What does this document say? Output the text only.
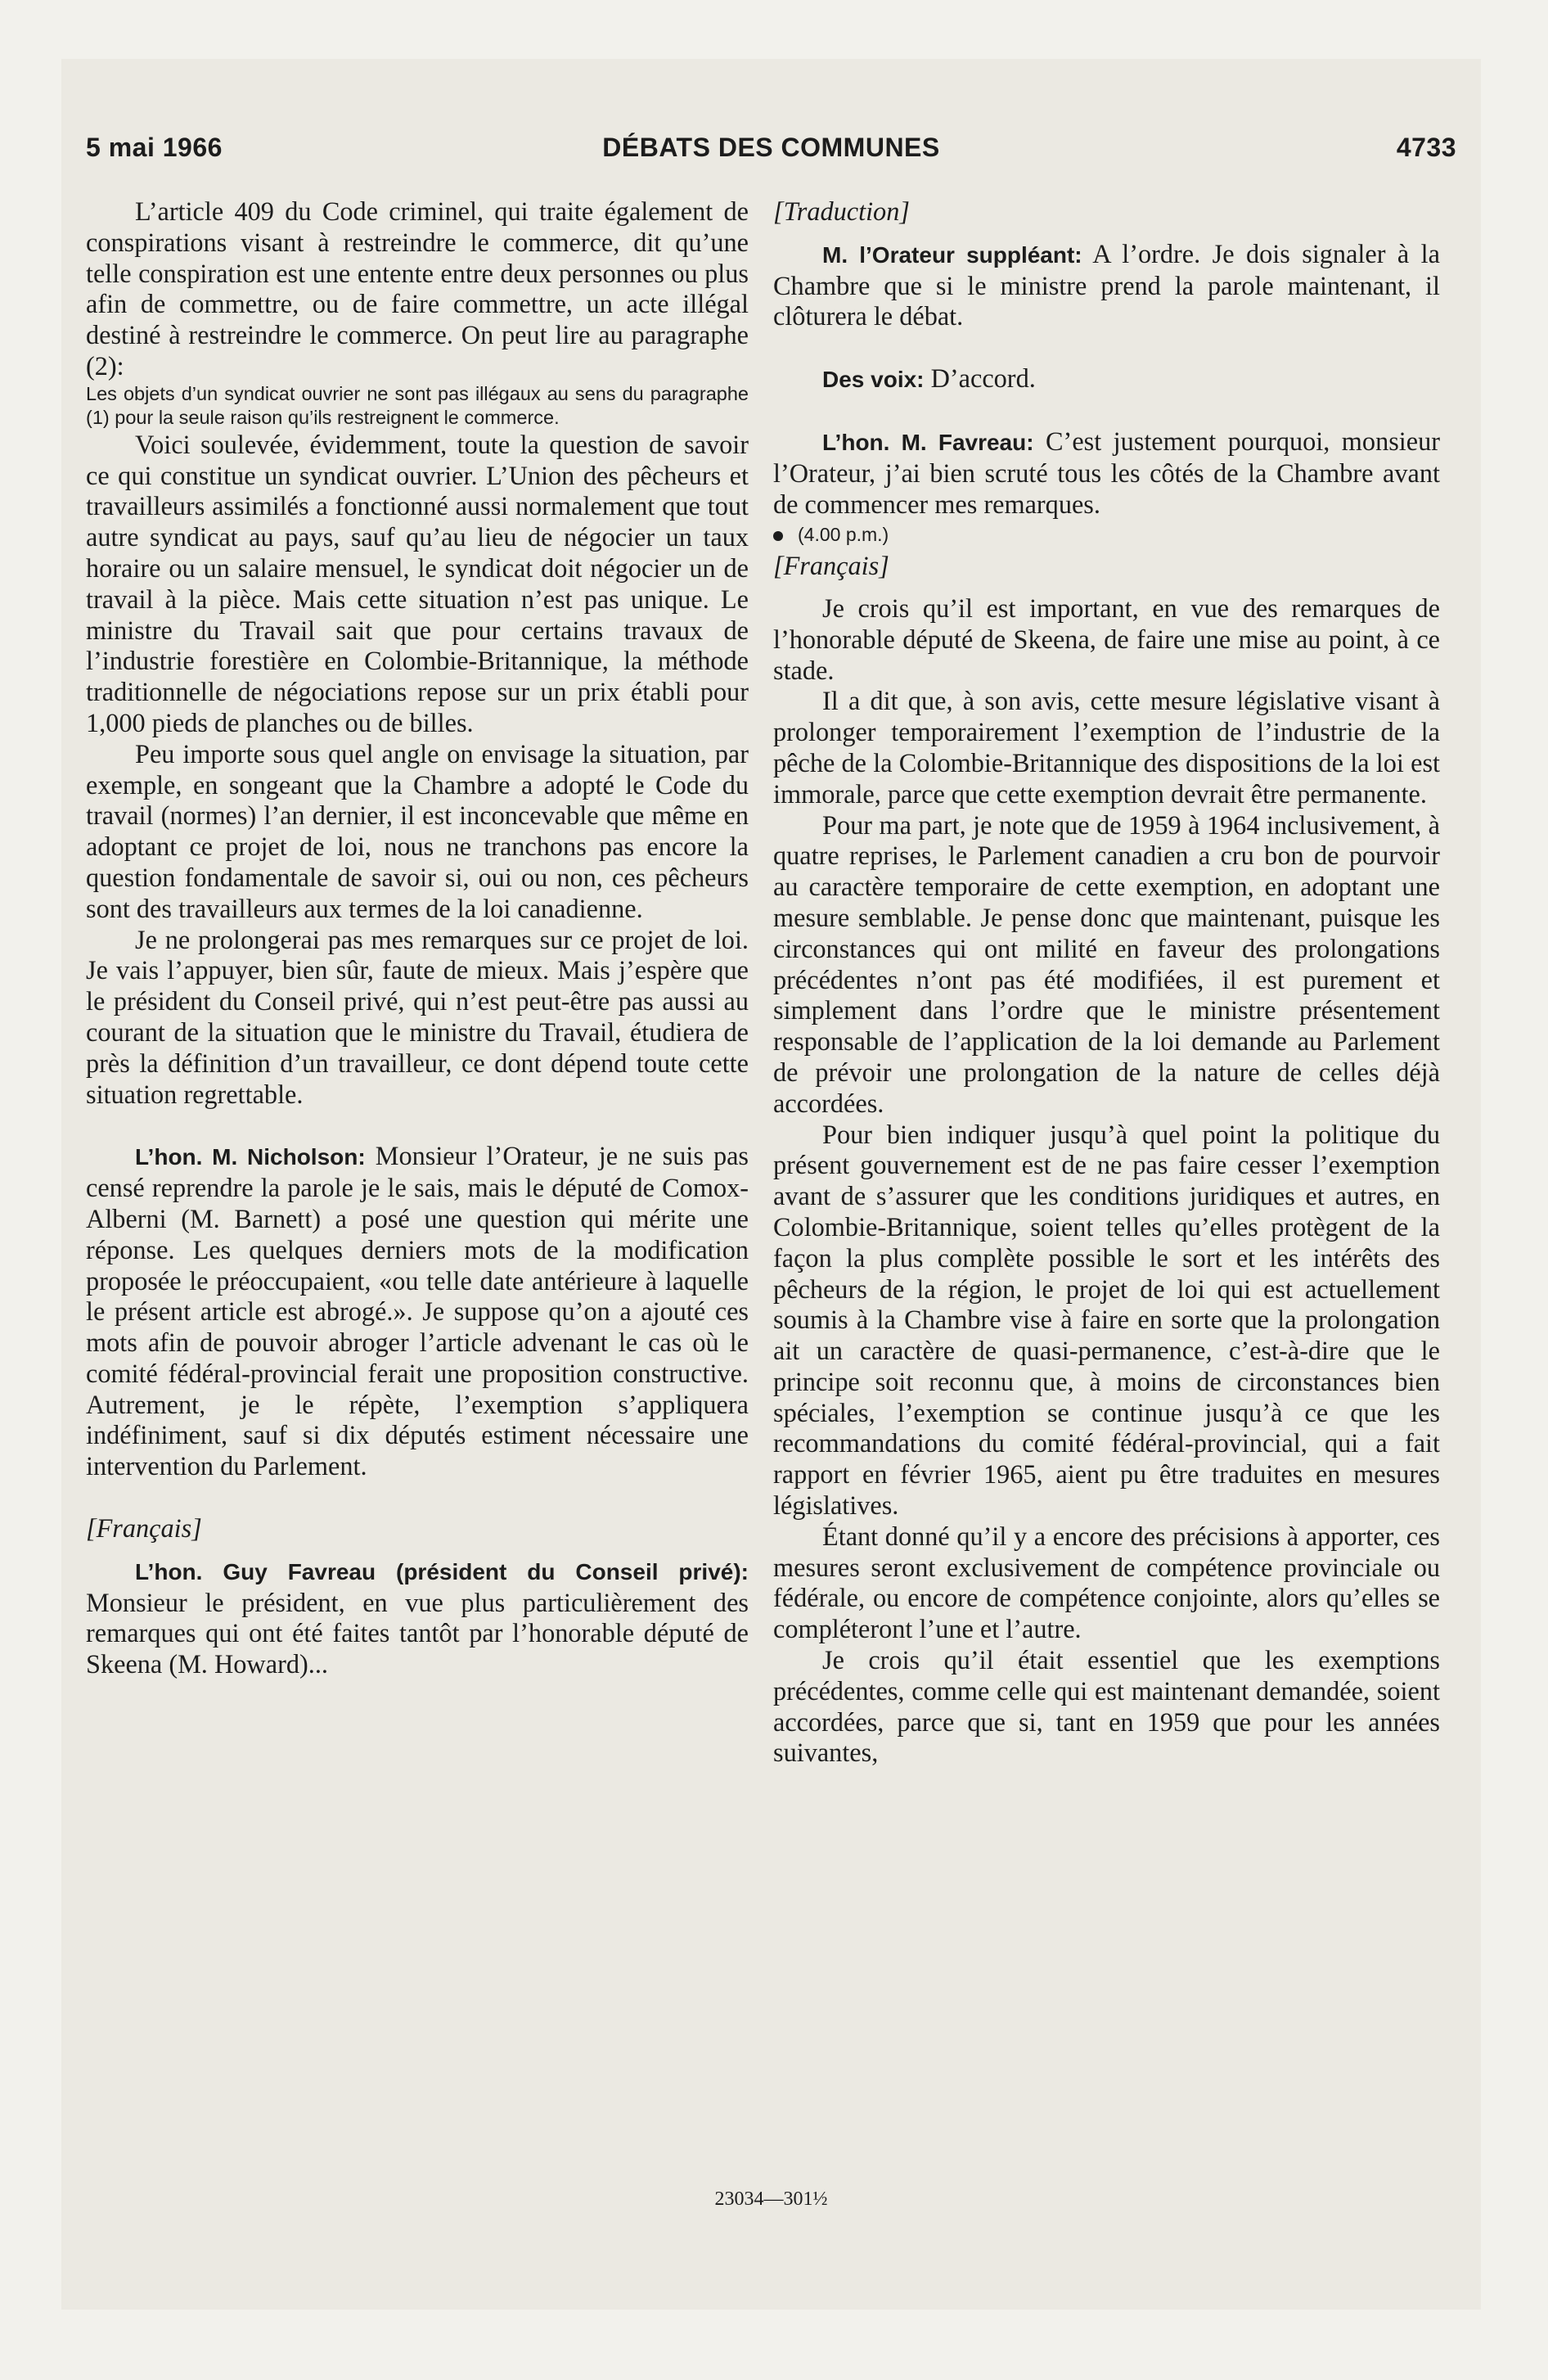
5 mai 1966	DÉBATS DES COMMUNES	4733

L’article 409 du Code criminel, qui traite également de conspirations visant à restreindre le commerce, dit qu’une telle conspiration est une entente entre deux personnes ou plus afin de commettre, ou de faire commettre, un acte illégal destiné à restreindre le commerce. On peut lire au paragraphe (2):

Les objets d’un syndicat ouvrier ne sont pas illégaux au sens du paragraphe (1) pour la seule raison qu’ils restreignent le commerce.

Voici soulevée, évidemment, toute la question de savoir ce qui constitue un syndicat ouvrier. L’Union des pêcheurs et travailleurs assimilés a fonctionné aussi normalement que tout autre syndicat au pays, sauf qu’au lieu de négocier un taux horaire ou un salaire mensuel, le syndicat doit négocier un de travail à la pièce. Mais cette situation n’est pas unique. Le ministre du Travail sait que pour certains travaux de l’industrie forestière en Colombie-Britannique, la méthode traditionnelle de négociations repose sur un prix établi pour 1,000 pieds de planches ou de billes.

Peu importe sous quel angle on envisage la situation, par exemple, en songeant que la Chambre a adopté le Code du travail (normes) l’an dernier, il est inconcevable que même en adoptant ce projet de loi, nous ne tranchons pas encore la question fondamentale de savoir si, oui ou non, ces pêcheurs sont des travailleurs aux termes de la loi canadienne.

Je ne prolongerai pas mes remarques sur ce projet de loi. Je vais l’appuyer, bien sûr, faute de mieux. Mais j’espère que le président du Conseil privé, qui n’est peut-être pas aussi au courant de la situation que le ministre du Travail, étudiera de près la définition d’un travailleur, ce dont dépend toute cette situation regrettable.

L’hon. M. Nicholson: Monsieur l’Orateur, je ne suis pas censé reprendre la parole je le sais, mais le député de Comox-Alberni (M. Barnett) a posé une question qui mérite une réponse. Les quelques derniers mots de la modification proposée le préoccupaient, «ou telle date antérieure à laquelle le présent article est abrogé.». Je suppose qu’on a ajouté ces mots afin de pouvoir abroger l’article advenant le cas où le comité fédéral-provincial ferait une proposition constructive. Autrement, je le répète, l’exemption s’appliquera indéfiniment, sauf si dix députés estiment nécessaire une intervention du Parlement.

[Français]

L’hon. Guy Favreau (président du Conseil privé): Monsieur le président, en vue plus particulièrement des remarques qui ont été faites tantôt par l’honorable député de Skeena (M. Howard)...

[Traduction]

M. l’Orateur suppléant: A l’ordre. Je dois signaler à la Chambre que si le ministre prend la parole maintenant, il clôturera le débat.

Des voix: D’accord.

L’hon. M. Favreau: C’est justement pourquoi, monsieur l’Orateur, j’ai bien scruté tous les côtés de la Chambre avant de commencer mes remarques.

(4.00 p.m.)

[Français]

Je crois qu’il est important, en vue des remarques de l’honorable député de Skeena, de faire une mise au point, à ce stade.

Il a dit que, à son avis, cette mesure législative visant à prolonger temporairement l’exemption de l’industrie de la pêche de la Colombie-Britannique des dispositions de la loi est immorale, parce que cette exemption devrait être permanente.

Pour ma part, je note que de 1959 à 1964 inclusivement, à quatre reprises, le Parlement canadien a cru bon de pourvoir au caractère temporaire de cette exemption, en adoptant une mesure semblable. Je pense donc que maintenant, puisque les circonstances qui ont milité en faveur des prolongations précédentes n’ont pas été modifiées, il est purement et simplement dans l’ordre que le ministre présentement responsable de l’application de la loi demande au Parlement de prévoir une prolongation de la nature de celles déjà accordées.

Pour bien indiquer jusqu’à quel point la politique du présent gouvernement est de ne pas faire cesser l’exemption avant de s’assurer que les conditions juridiques et autres, en Colombie-Britannique, soient telles qu’elles protègent de la façon la plus complète possible le sort et les intérêts des pêcheurs de la région, le projet de loi qui est actuellement soumis à la Chambre vise à faire en sorte que la prolongation ait un caractère de quasi-permanence, c’est-à-dire que le principe soit reconnu que, à moins de circonstances bien spéciales, l’exemption se continue jusqu’à ce que les recommandations du comité fédéral-provincial, qui a fait rapport en février 1965, aient pu être traduites en mesures législatives.

Étant donné qu’il y a encore des précisions à apporter, ces mesures seront exclusivement de compétence provinciale ou fédérale, ou encore de compétence conjointe, alors qu’elles se compléteront l’une et l’autre.

Je crois qu’il était essentiel que les exemptions précédentes, comme celle qui est maintenant demandée, soient accordées, parce que si, tant en 1959 que pour les années suivantes,

23034—301½
